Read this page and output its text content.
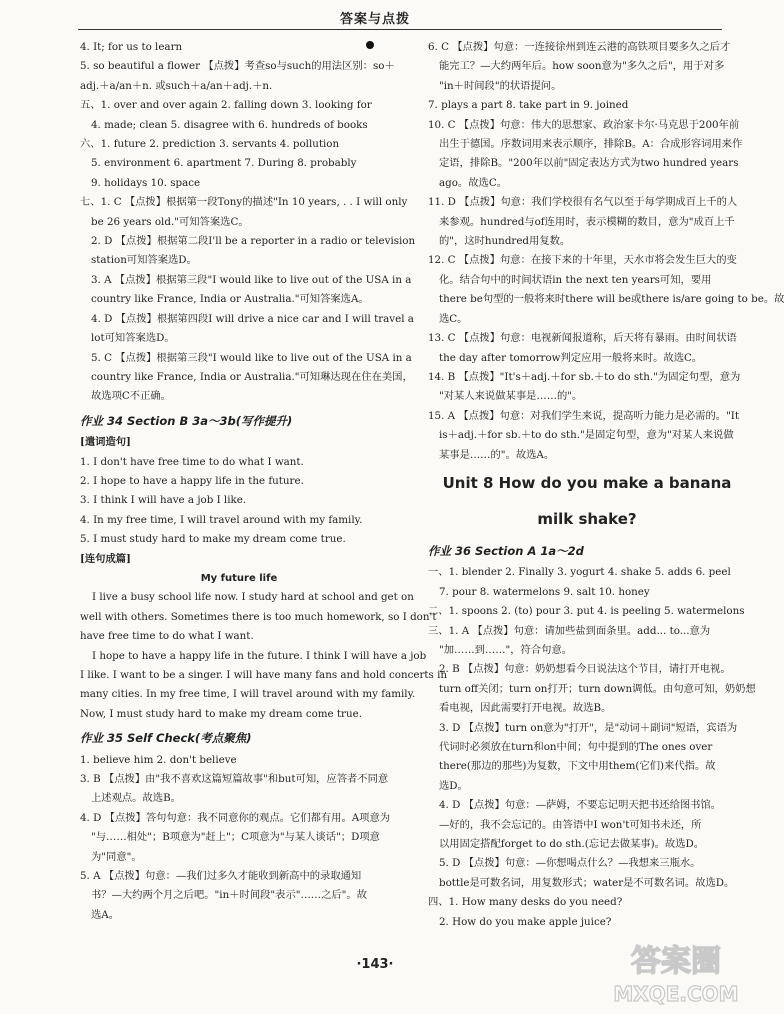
答案与点拨
4. It; for us to learn
5. so beautiful a flower 【点拨】考查so与such的用法区别：so＋
adj.＋a/an＋n. 或such＋a/an＋adj.＋n.
五、1. over and over again 2. falling down 3. looking for
4. made; clean 5. disagree with 6. hundreds of books
六、1. future 2. prediction 3. servants 4. pollution
5. environment 6. apartment 7. During 8. probably
9. holidays 10. space
七、1. C 【点拨】根据第一段Tony的描述"In 10 years, . . I will only
be 26 years old."可知答案选C。
2. D 【点拨】根据第二段I'll be a reporter in a radio or television
station可知答案选D。
3. A 【点拨】根据第三段"I would like to live out of the USA in a
country like France, India or Australia."可知答案选A。
4. D 【点拨】根据第四段I will drive a nice car and I will travel a
lot可知答案选D。
5. C 【点拨】根据第三段"I would like to live out of the USA in a
country like France, India or Australia."可知琳达现在住在美国，
故选项C不正确。
作业 34 Section B 3a～3b(写作提升)
[遣词造句]
1. I don't have free time to do what I want.
2. I hope to have a happy life in the future.
3. I think I will have a job I like.
4. In my free time, I will travel around with my family.
5. I must study hard to make my dream come true.
[连句成篇]
My future life
I live a busy school life now. I study hard at school and get on
well with others. Sometimes there is too much homework, so I don't
have free time to do what I want.
I hope to have a happy life in the future. I think I will have a job
I like. I want to be a singer. I will have many fans and hold concerts in
many cities. In my free time, I will travel around with my family.
Now, I must study hard to make my dream come true.
作业 35 Self Check(考点聚焦)
1. believe him 2. don't believe
3. B 【点拨】由"我不喜欢这篇短篇故事"和but可知，应答者不同意
上述观点。故选B。
4. D 【点拨】答句句意：我不同意你的观点。它们都有用。A项意为
"与……相处"；B项意为"赶上"；C项意为"与某人谈话"；D项意
为"同意"。
5. A 【点拨】句意：—我们过多久才能收到新高中的录取通知
书？—大约两个月之后吧。"in＋时间段"表示"……之后"。故
选A。
6. C 【点拨】句意：一连接徐州到连云港的高铁项目要多久之后才
能完工？—大约两年后。how soon意为"多久之后"，用于对多
"in＋时间段"的状语提问。
7. plays a part 8. take part in 9. joined
10. C 【点拨】句意：伟大的思想家、政治家卡尔·马克思于200年前
出生于德国。序数词用来表示顺序，排除B。A：合成形容词用来作
定语，排除B。"200年以前"固定表达方式为two hundred years
ago。故选C。
11. D 【点拨】句意：我们学校很有名气以至于每学期成百上千的人
来参观。hundred与of连用时，表示模糊的数目，意为"成百上千
的"，这时hundred用复数。
12. C 【点拨】句意：在接下来的十年里，天水市将会发生巨大的变
化。结合句中的时间状语in the next ten years可知，要用
there be句型的一般将来时there will be或there is/are going to be。故
选C。
13. C 【点拨】句意：电视新闻报道称，后天将有暴雨。由时间状语
the day after tomorrow判定应用一般将来时。故选C。
14. B 【点拨】"It's＋adj.＋for sb.＋to do sth."为固定句型，意为
"对某人来说做某事是……的"。
15. A 【点拨】句意：对我们学生来说，提高听力能力是必需的。"It
is＋adj.＋for sb.＋to do sth."是固定句型，意为"对某人来说做
某事是……的"。故选A。
Unit 8 How do you make a banana
milk shake?
作业 36 Section A 1a～2d
一、1. blender 2. Finally 3. yogurt 4. shake 5. adds 6. peel
7. pour 8. watermelons 9. salt 10. honey
二、1. spoons 2. (to) pour 3. put 4. is peeling 5. watermelons
三、1. A 【点拨】句意：请加些盐到面条里。add... to...意为
"加……到……"，符合句意。
2. B 【点拨】句意：奶奶想看今日说法这个节目，请打开电视。
turn off关闭；turn on打开；turn down调低。由句意可知，奶奶想
看电视，因此需要打开电视。故选B。
3. D 【点拨】turn on意为"打开"，是"动词＋副词"短语，宾语为
代词时必须放在turn和on中间；句中提到的The ones over
there(那边的那些)为复数，下文中用them(它们)来代指。故
选D。
4. D 【点拨】句意：—萨姆，不要忘记明天把书还给图书馆。
—好的，我不会忘记的。由答语中I won't可知书未还，所
以用固定搭配forget to do sth.(忘记去做某事)。故选D。
5. D 【点拨】句意：—你想喝点什么？—我想来三瓶水。
bottle是可数名词，用复数形式；water是不可数名词。故选D。
四、1. How many desks do you need?
2. How do you make apple juice?
·143·	答案圈
MXQE.COM
